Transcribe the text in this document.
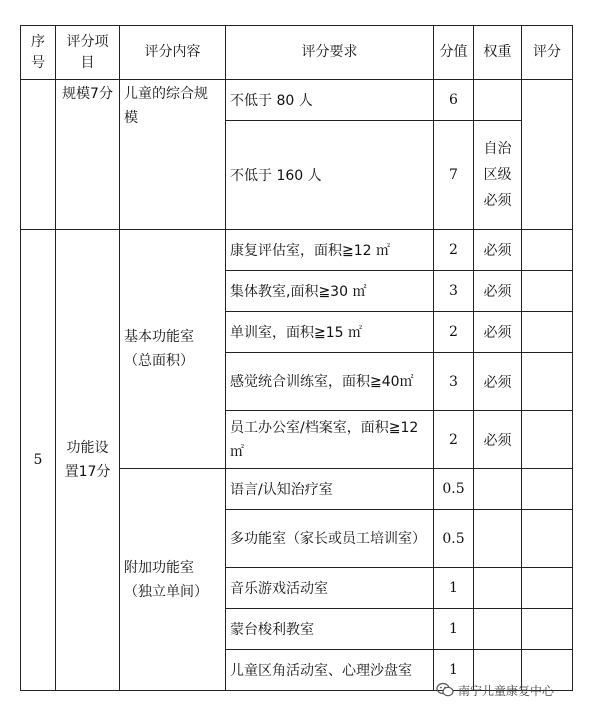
序号	评分项目	评分内容	评分要求	分值	权重	评分
	规模7分	儿童的综合规模	不低于 80 人	6		
			不低于 160 人	7	自治区级必须	
5	功能设置17分	基本功能室（总面积）	康复评估室，面积≧12 ㎡	2	必须	
			集体教室,面积≧30 ㎡	3	必须	
			单训室，面积≧15 ㎡	2	必须	
			感觉统合训练室，面积≧40㎡	3	必须	
			员工办公室/档案室，面积≧12 ㎡	2	必须	
		附加功能室（独立单间）	语言/认知治疗室	0.5		
			多功能室（家长或员工培训室）	0.5		
			音乐游戏活动室	1		
			蒙台梭利教室	1		
			儿童区角活动室、心理沙盘室	1		
南宁儿童康复中心
